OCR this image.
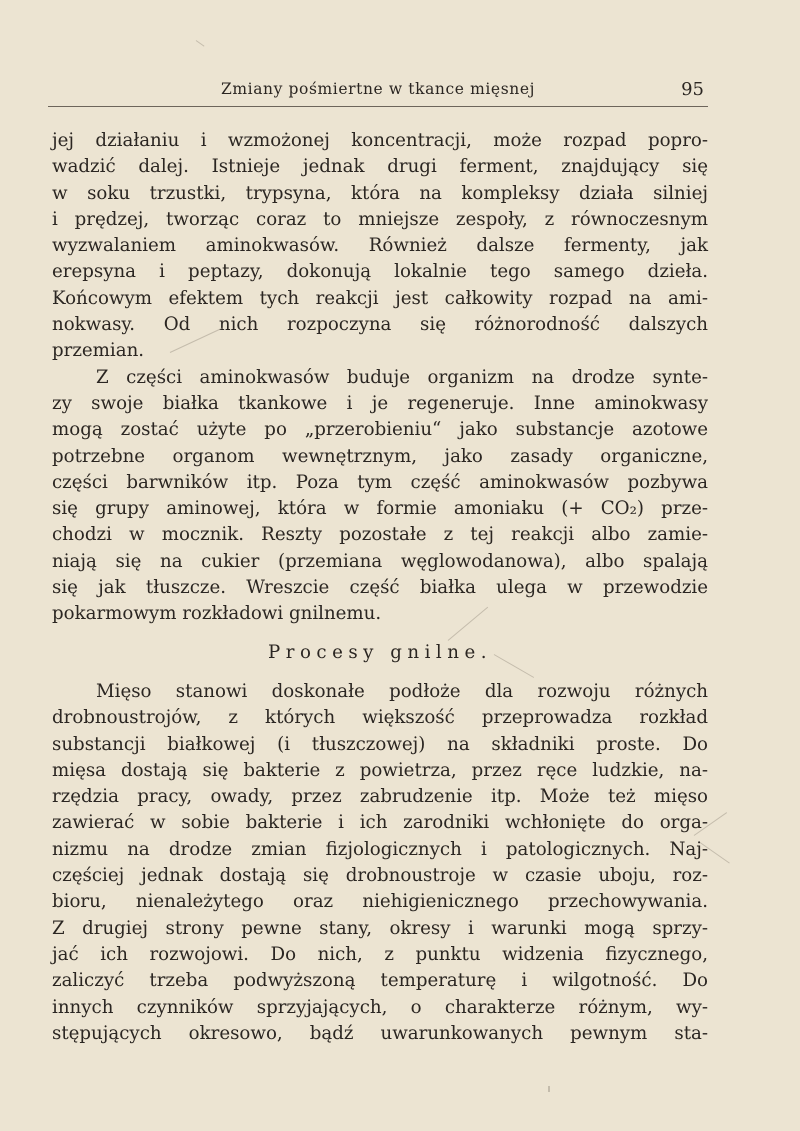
Zmiany pośmiertne w tkance mięsnej	95
jej działaniu i wzmożonej koncentracji, może rozpad popro-
wadzić dalej. Istnieje jednak drugi ferment, znajdujący się
w soku trzustki, trypsyna, która na kompleksy działa silniej
i prędzej, tworząc coraz to mniejsze zespoły, z równoczesnym
wyzwalaniem aminokwasów. Również dalsze fermenty, jak
erepsyna i peptazy, dokonują lokalnie tego samego dzieła.
Końcowym efektem tych reakcji jest całkowity rozpad na ami-
nokwasy. Od nich rozpoczyna się różnorodność dalszych
przemian.
Z części aminokwasów buduje organizm na drodze synte-
zy swoje białka tkankowe i je regeneruje. Inne aminokwasy
mogą zostać użyte po „przerobieniu“ jako substancje azotowe
potrzebne organom wewnętrznym, jako zasady organiczne,
części barwników itp. Poza tym część aminokwasów pozbywa
się grupy aminowej, która w formie amoniaku (+ CO₂) prze-
chodzi w mocznik. Reszty pozostałe z tej reakcji albo zamie-
niają się na cukier (przemiana węglowodanowa), albo spalają
się jak tłuszcze. Wreszcie część białka ulega w przewodzie
pokarmowym rozkładowi gnilnemu.
Procesy gnilne.
Mięso stanowi doskonałe podłoże dla rozwoju różnych
drobnoustrojów, z których większość przeprowadza rozkład
substancji białkowej (i tłuszczowej) na składniki proste. Do
mięsa dostają się bakterie z powietrza, przez ręce ludzkie, na-
rzędzia pracy, owady, przez zabrudzenie itp. Może też mięso
zawierać w sobie bakterie i ich zarodniki wchłonięte do orga-
nizmu na drodze zmian fizjologicznych i patologicznych. Naj-
częściej jednak dostają się drobnoustroje w czasie uboju, roz-
bioru, nienależytego oraz niehigienicznego przechowywania.
Z drugiej strony pewne stany, okresy i warunki mogą sprzy-
jać ich rozwojowi. Do nich, z punktu widzenia fizycznego,
zaliczyć trzeba podwyższoną temperaturę i wilgotność. Do
innych czynników sprzyjających, o charakterze różnym, wy-
stępujących okresowo, bądź uwarunkowanych pewnym sta-
